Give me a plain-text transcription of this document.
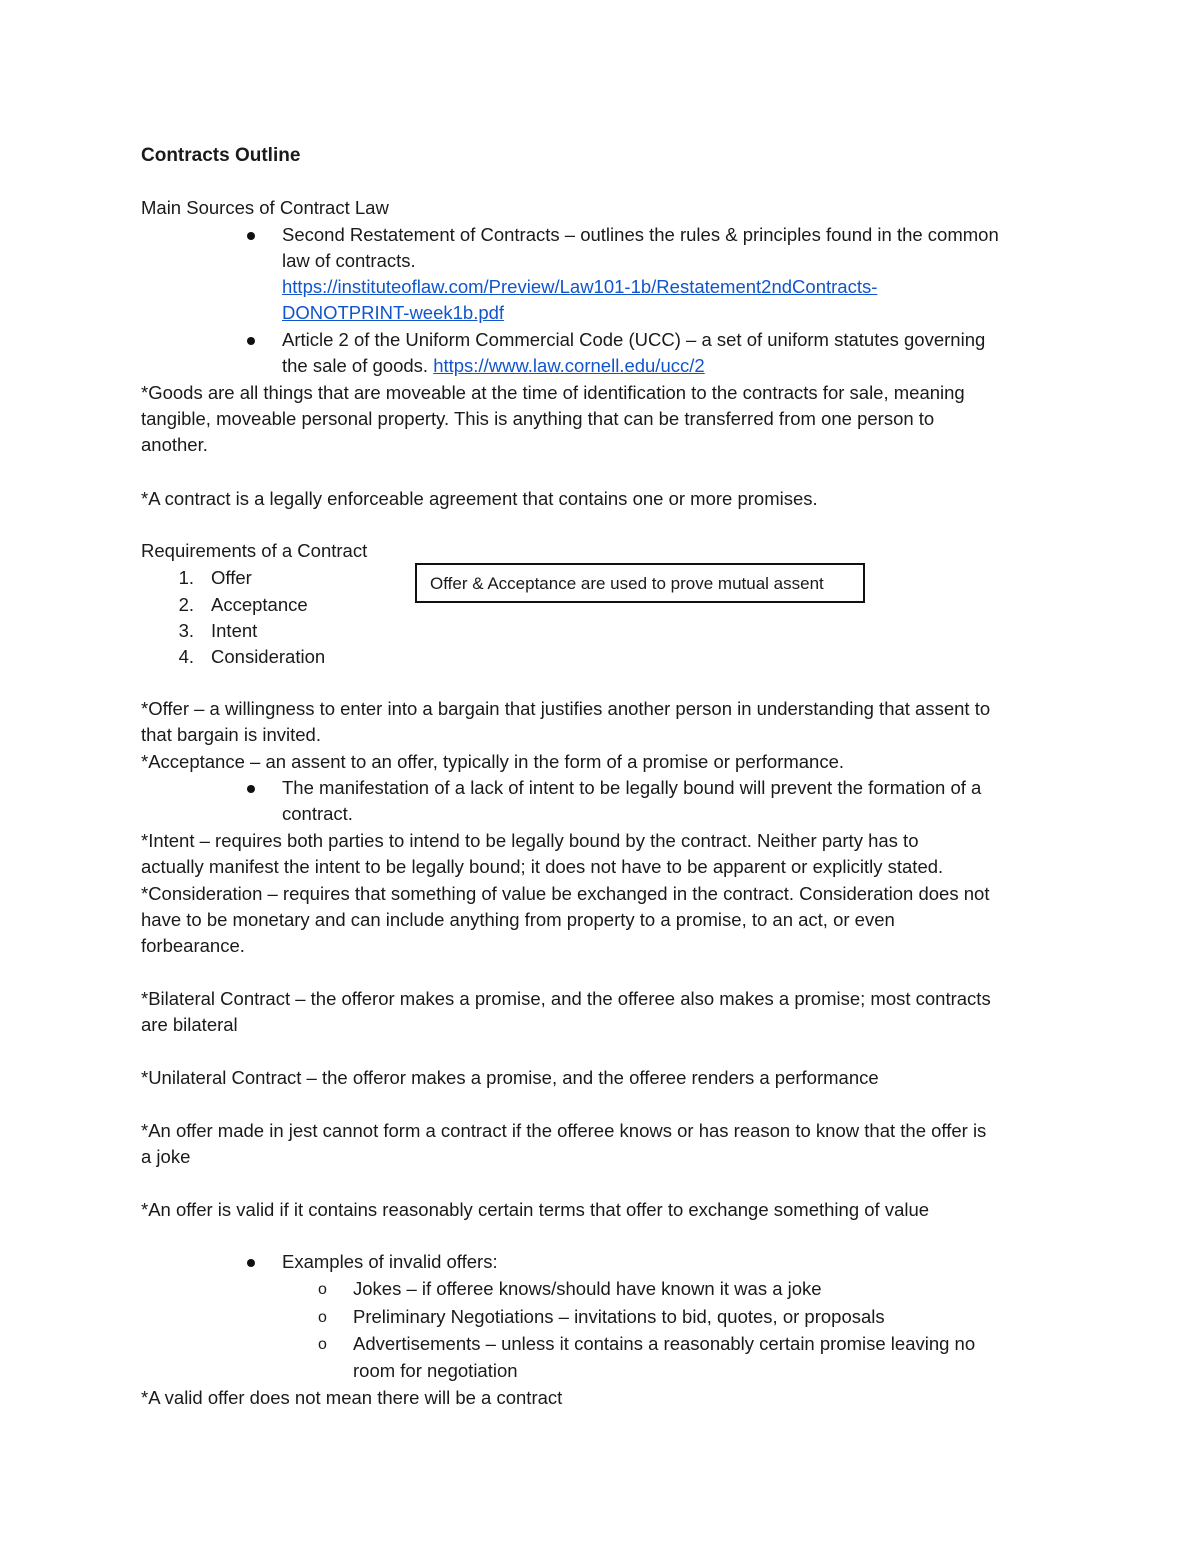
Contracts Outline
Main Sources of Contract Law
Second Restatement of Contracts – outlines the rules & principles found in the common
law of contracts.
https://instituteoflaw.com/Preview/Law101-1b/Restatement2ndContracts-
DONOTPRINT-week1b.pdf
Article 2 of the Uniform Commercial Code (UCC) – a set of uniform statutes governing
the sale of goods. https://www.law.cornell.edu/ucc/2
*Goods are all things that are moveable at the time of identification to the contracts for sale, meaning
tangible, moveable personal property. This is anything that can be transferred from one person to
another.
*A contract is a legally enforceable agreement that contains one or more promises.
Requirements of a Contract
1. Offer
2. Acceptance
3. Intent
4. Consideration
Offer & Acceptance are used to prove mutual assent
*Offer – a willingness to enter into a bargain that justifies another person in understanding that assent to
that bargain is invited.
*Acceptance – an assent to an offer, typically in the form of a promise or performance.
The manifestation of a lack of intent to be legally bound will prevent the formation of a
contract.
*Intent – requires both parties to intend to be legally bound by the contract. Neither party has to
actually manifest the intent to be legally bound; it does not have to be apparent or explicitly stated.
*Consideration – requires that something of value be exchanged in the contract. Consideration does not
have to be monetary and can include anything from property to a promise, to an act, or even
forbearance.
*Bilateral Contract – the offeror makes a promise, and the offeree also makes a promise; most contracts
are bilateral
*Unilateral Contract – the offeror makes a promise, and the offeree renders a performance
*An offer made in jest cannot form a contract if the offeree knows or has reason to know that the offer is
a joke
*An offer is valid if it contains reasonably certain terms that offer to exchange something of value
Examples of invalid offers:
o Jokes – if offeree knows/should have known it was a joke
o Preliminary Negotiations – invitations to bid, quotes, or proposals
o Advertisements – unless it contains a reasonably certain promise leaving no
room for negotiation
*A valid offer does not mean there will be a contract
